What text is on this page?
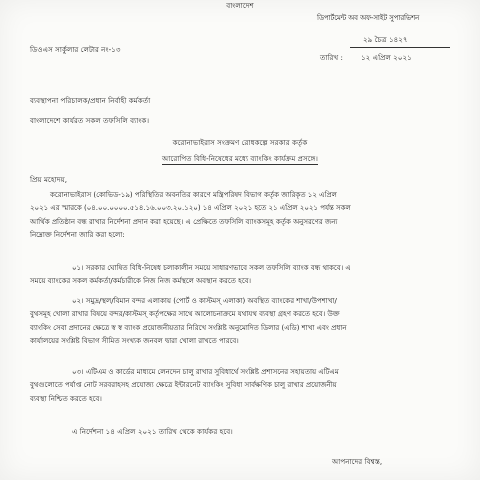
বাংলাদেশ
ডিপার্টমেন্ট অব অফ-সাইট সুপারভিশন
২৯ চৈত্র ১৪২৭
তারিখ :	১২ এপ্রিল ২০২১
ডিওএস সার্কুলার লেটার নং-১৩
ব্যবস্থাপনা পরিচালক/প্রধান নির্বাহী কর্মকর্তা
বাংলাদেশে কার্যরত সকল তফসিলি ব্যাংক।
করোনাভাইরাস সংক্রমণ রোধকল্পে সরকার কর্তৃক
আরোপিত বিধি-নিষেধের মধ্যে ব্যাংকিং কার্যক্রম প্রসঙ্গে।
প্রিয় মহোদয়,
করোনাভাইরাস (কোভিড-১৯) পরিস্থিতির অবনতির কারণে মন্ত্রিপরিষদ বিভাগ কর্তৃক জারিকৃত ১২ এপ্রিল
২০২১ এর স্মারকে (০৪.০০.০০০০.৫১৪.১৬.০০৩.২০.১২০) ১৪ এপ্রিল ২০২১ হতে ২১ এপ্রিল ২০২১ পর্যন্ত সকল
আর্থিক প্রতিষ্ঠান বন্ধ রাখার নির্দেশনা প্রদান করা হয়েছে। এ প্রেক্ষিতে তফসিলি ব্যাংকসমূহ কর্তৃক অনুসরণের জন্য
নিম্নোক্ত নির্দেশনা জারি করা হলো:
০১। সরকার ঘোষিত বিধি-নিষেধ চলাকালীন সময়ে সাধারণভাবে সকল তফসিলি ব্যাংক বন্ধ থাকবে। এ
সময়ে ব্যাংকের সকল কর্মকর্তা/কর্মচারীকে নিজ নিজ কর্মস্থলে অবস্থান করতে হবে।
০২। সমুদ্র/স্থল/বিমান বন্দর এলাকায় (পোর্ট ও কাস্টমস্ এলাকা) অবস্থিত ব্যাংকের শাখা/উপশাখা/
বুথসমূহ খোলা রাখার বিষয়ে বন্দর/কাস্টমস্ কর্তৃপক্ষের সাথে আলোচনাক্রমে যথাযথ ব্যবস্থা গ্রহণ করতে হবে। উক্ত
ব্যাংকিং সেবা প্রদানের ক্ষেত্রে স্ব স্ব ব্যাংক প্রয়োজনীয়তার নিরিখে সংশ্লিষ্ট অনুমোদিত ডিলার (এডি) শাখা এবং প্রধান
কার্যালয়ের সংশ্লিষ্ট বিভাগ সীমিত সংখ্যক জনবল দ্বারা খোলা রাখতে পারবে।
০৩। এটিএম ও কার্ডের মাধ্যমে লেনদেন চালু রাখার সুবিধার্থে সংশ্লিষ্ট প্রশাসনের সহায়তায় এটিএম
বুথগুলোতে পর্যাপ্ত নোট সরবরাহসহ প্রযোজ্য ক্ষেত্রে ইন্টারনেট ব্যাংকিং সুবিধা সার্বক্ষণিক চালু রাখার প্রয়োজনীয়
ব্যবস্থা নিশ্চিত করতে হবে।
এ নির্দেশনা ১৪ এপ্রিল ২০২১ তারিখ থেকে কার্যকর হবে।
আপনাদের বিশ্বস্ত,
